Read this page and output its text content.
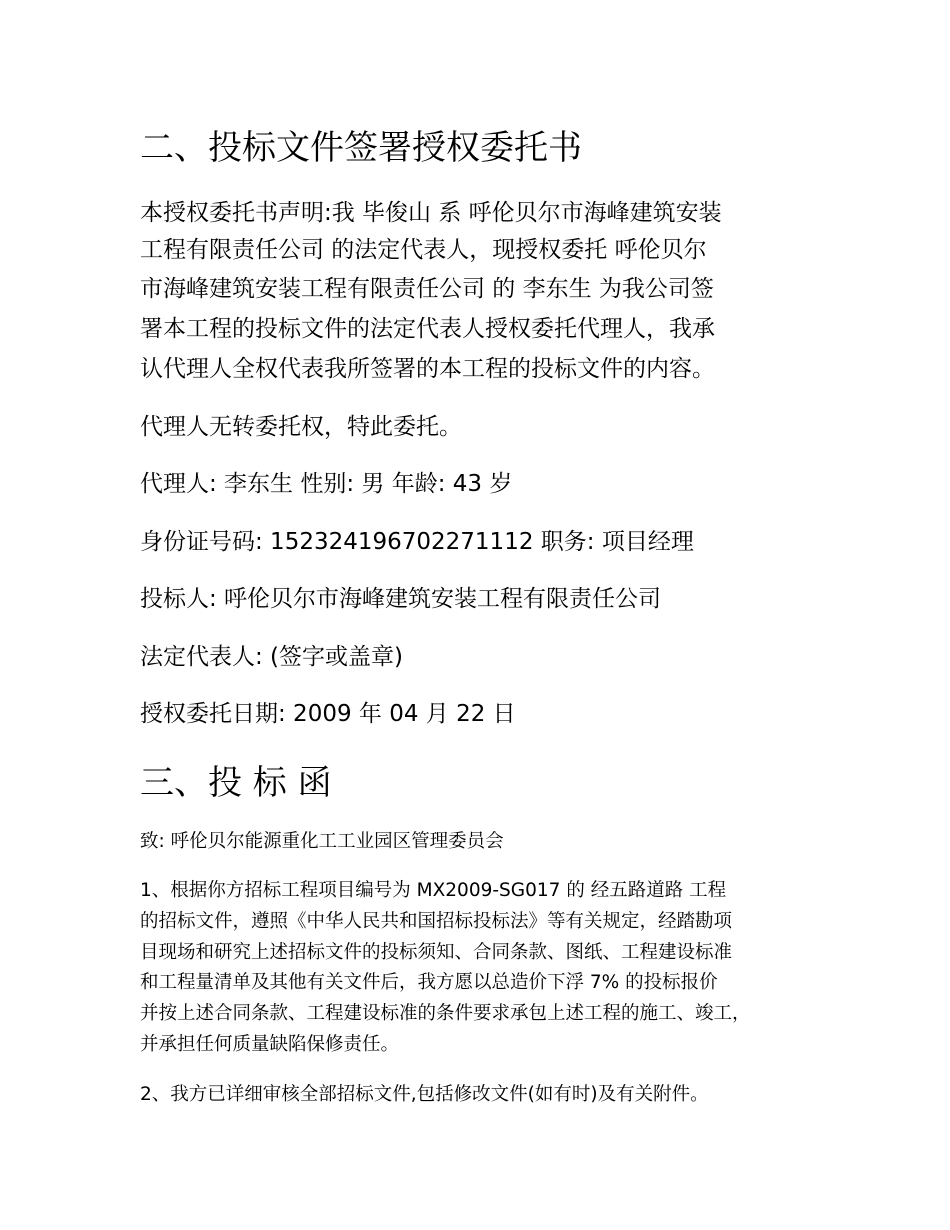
二、投标文件签署授权委托书
本授权委托书声明:我 毕俊山 系 呼伦贝尔市海峰建筑安装
工程有限责任公司 的法定代表人，现授权委托 呼伦贝尔
市海峰建筑安装工程有限责任公司 的 李东生 为我公司签
署本工程的投标文件的法定代表人授权委托代理人，我承
认代理人全权代表我所签署的本工程的投标文件的内容。
代理人无转委托权，特此委托。
代理人: 李东生 性别: 男 年龄: 43 岁
身份证号码: 152324196702271112 职务: 项目经理
投标人: 呼伦贝尔市海峰建筑安装工程有限责任公司
法定代表人: (签字或盖章)
授权委托日期: 2009 年 04 月 22 日
三、投 标 函
致: 呼伦贝尔能源重化工工业园区管理委员会
1、根据你方招标工程项目编号为 MX2009-SG017 的 经五路道路 工程
的招标文件，遵照《中华人民共和国招标投标法》等有关规定，经踏勘项
目现场和研究上述招标文件的投标须知、合同条款、图纸、工程建设标准
和工程量清单及其他有关文件后，我方愿以总造价下浮 7% 的投标报价
并按上述合同条款、工程建设标准的条件要求承包上述工程的施工、竣工，
并承担任何质量缺陷保修责任。
2、我方已详细审核全部招标文件,包括修改文件(如有时)及有关附件。
